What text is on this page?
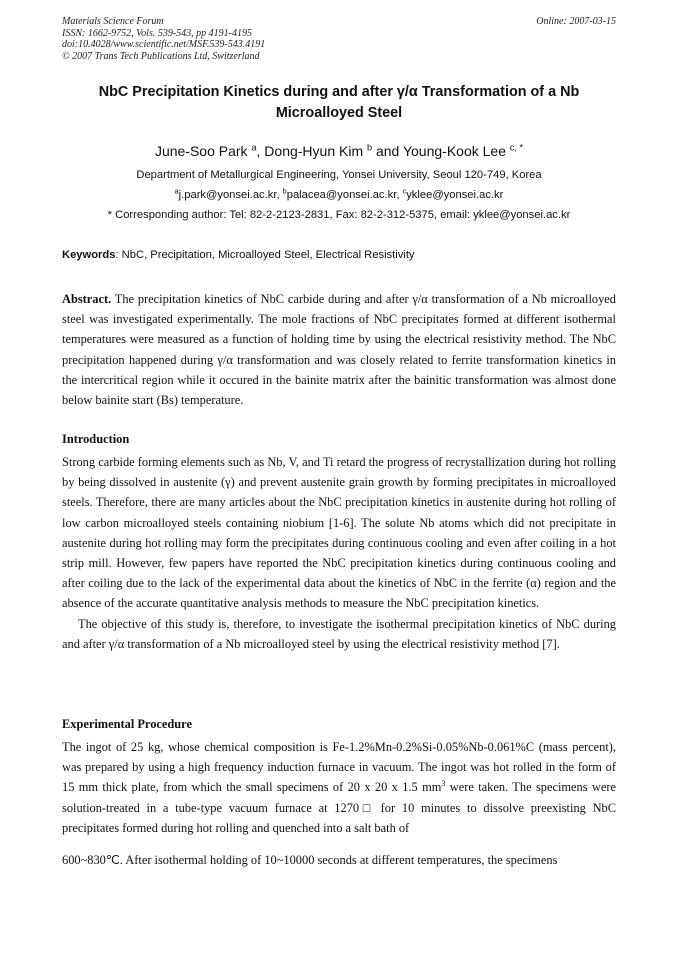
Materials Science Forum
ISSN: 1662-9752, Vols. 539-543, pp 4191-4195
doi:10.4028/www.scientific.net/MSF.539-543.4191
© 2007 Trans Tech Publications Ltd, Switzerland
Online: 2007-03-15
NbC Precipitation Kinetics during and after γ/α Transformation of a Nb
Microalloyed Steel
June-Soo Park $^a$, Dong-Hyun Kim $^b$ and Young-Kook Lee $^{c, *}$
Department of Metallurgical Engineering, Yonsei University, Seoul 120-749, Korea
$^a$j.park@yonsei.ac.kr, $^b$palacea@yonsei.ac.kr, $^c$yklee@yonsei.ac.kr
* Corresponding author: Tel: 82-2-2123-2831, Fax: 82-2-312-5375, email: yklee@yonsei.ac.kr
Keywords: NbC, Precipitation, Microalloyed Steel, Electrical Resistivity
Abstract. The precipitation kinetics of NbC carbide during and after γ/α transformation of a Nb microalloyed steel was investigated experimentally. The mole fractions of NbC precipitates formed at different isothermal temperatures were measured as a function of holding time by using the electrical resistivity method. The NbC precipitation happened during γ/α transformation and was closely related to ferrite transformation kinetics in the intercritical region while it occured in the bainite matrix after the bainitic transformation was almost done below bainite start (Bs) temperature.
Introduction
Strong carbide forming elements such as Nb, V, and Ti retard the progress of recrystallization during hot rolling by being dissolved in austenite (γ) and prevent austenite grain growth by forming precipitates in microalloyed steels. Therefore, there are many articles about the NbC precipitation kinetics in austenite during hot rolling of low carbon microalloyed steels containing niobium [1-6]. The solute Nb atoms which did not precipitate in austenite during hot rolling may form the precipitates during continuous cooling and even after coiling in a hot strip mill. However, few papers have reported the NbC precipitation kinetics during continuous cooling and after coiling due to the lack of the experimental data about the kinetics of NbC in the ferrite (α) region and the absence of the accurate quantitative analysis methods to measure the NbC precipitation kinetics.
The objective of this study is, therefore, to investigate the isothermal precipitation kinetics of NbC during and after γ/α transformation of a Nb microalloyed steel by using the electrical resistivity method [7].
Experimental Procedure
The ingot of 25 kg, whose chemical composition is Fe-1.2%Mn-0.2%Si-0.05%Nb-0.061%C (mass percent), was prepared by using a high frequency induction furnace in vacuum. The ingot was hot rolled in the form of 15 mm thick plate, from which the small specimens of 20 x 20 x 1.5 $mm^3$ were taken. The specimens were solution-treated in a tube-type vacuum furnace at 1270□ for 10 minutes to dissolve preexisting NbC precipitates formed during hot rolling and quenched into a salt bath of
600~830℃. After isothermal holding of 10~10000 seconds at different temperatures, the specimens
